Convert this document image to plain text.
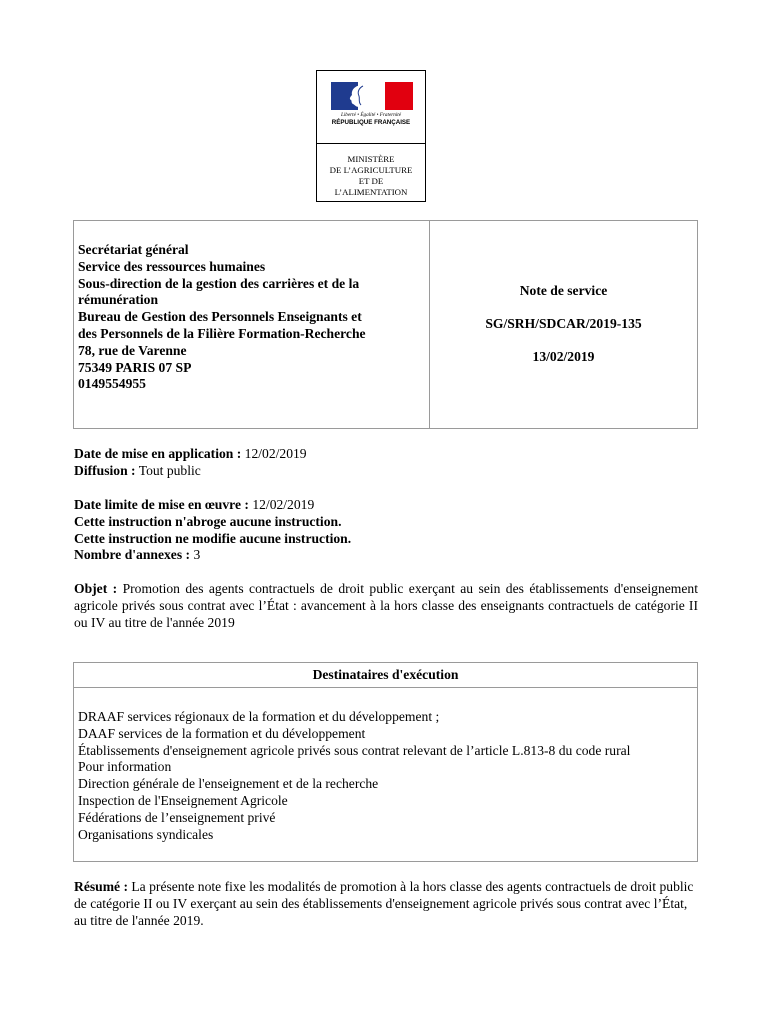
Liberté • Égalité • Fraternité
RÉPUBLIQUE FRANÇAISE
MINISTÈRE
DE L’AGRICULTURE
ET DE
L’ALIMENTATION
Secrétariat général
Service des ressources humaines
Sous-direction de la gestion des carrières et de la
rémunération
Bureau de Gestion des Personnels Enseignants et
des Personnels de la Filière Formation-Recherche
78, rue de Varenne
75349 PARIS 07 SP
0149554955
Note de service
SG/SRH/SDCAR/2019-135
13/02/2019
Date de mise en application : 12/02/2019
Diffusion : Tout public
Date limite de mise en œuvre : 12/02/2019
Cette instruction n'abroge aucune instruction.
Cette instruction ne modifie aucune instruction.
Nombre d'annexes : 3
Objet : Promotion des agents contractuels de droit public exerçant au sein des établissements d'enseignement agricole privés sous contrat avec l’État : avancement à la hors classe des enseignants contractuels de catégorie II ou IV au titre de l'année 2019
Destinataires d'exécution
DRAAF services régionaux de la formation et du développement ;
DAAF services de la formation et du développement
Établissements d'enseignement agricole privés sous contrat relevant de l’article L.813-8 du code rural
Pour information
Direction générale de l'enseignement et de la recherche
Inspection de l'Enseignement Agricole
Fédérations de l’enseignement privé
Organisations syndicales
Résumé : La présente note fixe les modalités de promotion à la hors classe des agents contractuels de droit public de catégorie II ou IV exerçant au sein des établissements d'enseignement agricole privés sous contrat avec l’État, au titre de l'année 2019.
